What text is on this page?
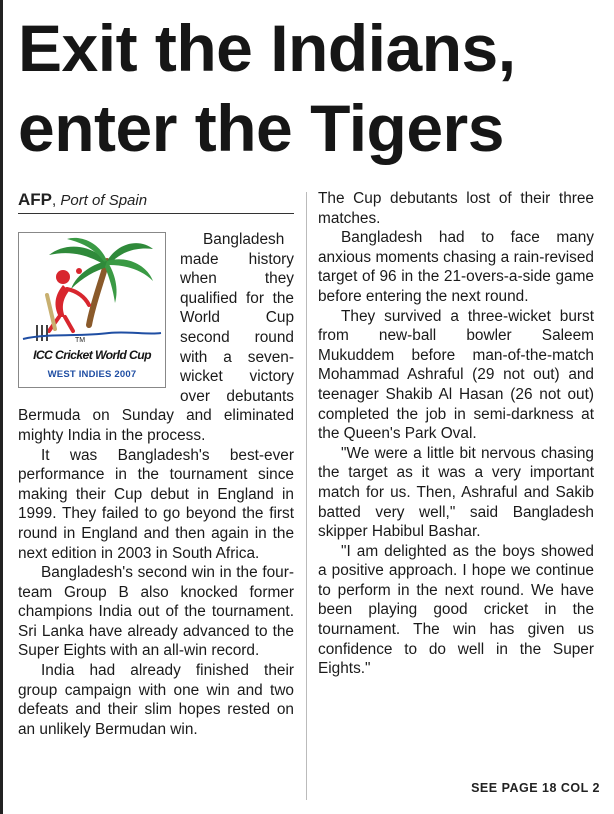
Exit the Indians,
enter the Tigers
AFP, Port of Spain
TM
ICC Cricket World Cup
WEST INDIES 2007

Bangladesh made history when they qualified for the World Cup second round with a seven-wicket victory over debutants Bermuda on Sunday and eliminated mighty India in the process.

It was Bangladesh's best-ever performance in the tournament since making their Cup debut in England in 1999. They failed to go beyond the first round in England and then again in the next edition in 2003 in South Africa.

Bangladesh's second win in the four-team Group B also knocked former champions India out of the tournament. Sri Lanka have already advanced to the Super Eights with an all-win record.

India had already finished their group campaign with one win and two defeats and their slim hopes rested on an unlikely Bermudan win.

The Cup debutants lost of their three matches.

Bangladesh had to face many anxious moments chasing a rain-revised target of 96 in the 21-overs-a-side game before entering the next round.

They survived a three-wicket burst from new-ball bowler Saleem Mukuddem before man-of-the-match Mohammad Ashraful (29 not out) and teenager Shakib Al Hasan (26 not out) completed the job in semi-darkness at the Queen's Park Oval.

"We were a little bit nervous chasing the target as it was a very important match for us. Then, Ashraful and Sakib batted very well," said Bangladesh skipper Habibul Bashar.

"I am delighted as the boys showed a positive approach. I hope we continue to perform in the next round. We have been playing good cricket in the tournament. The win has given us confidence to do well in the Super Eights."

SEE PAGE 18 COL 2
